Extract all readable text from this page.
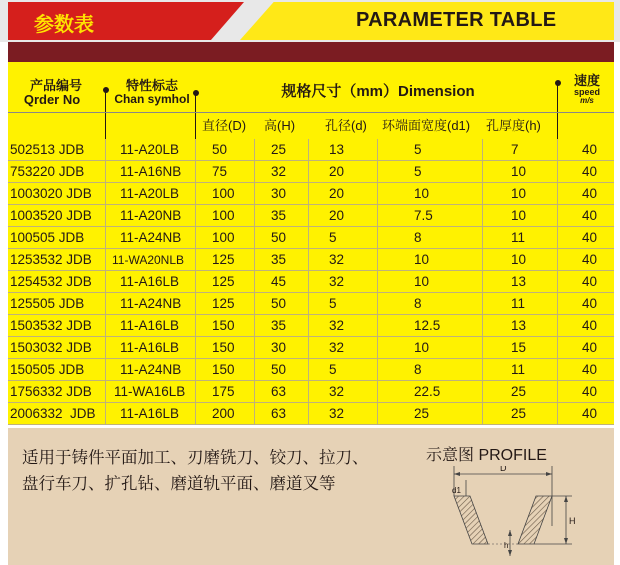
参数表	PARAMETER TABLE
产品编号
Qrder No
特性标志
Chan symhol	规格尺寸（mm）Dimension
速度
speed
m/s
直径(D) 高(H) 孔径(d) 环端面宽度(d1) 孔厚度(h)
502513 JDB	11-A20LB 50	25	13	5	7	40
753220 JDB	11-A16NB 75	32	20	5	10	40
1003020 JDB 11-A20LB 100	30	20	10	10	40
1003520 JDB 11-A20NB 100	35	20	7.5	10	40
100505 JDB	11-A24NB 100	50	5	8	11	40
1253532 JDB 11-WA20NLB 125	35	32	10	10	40
1254532 JDB 11-A16LB 125	45	32	10	13	40
125505 JDB	11-A24NB 125	50	5	8	11	40
1503532 JDB 11-A16LB 150	35	32	12.5	13	40
1503032 JDB 11-A16LB 150	30	32	10	15	40
150505 JDB	11-A24NB 150	50	5	8	11	40
1756332 JDB 11-WA16LB 175	63	32	22.5	25	40
2006332  JDB 11-A16LB 200	63	32	25	25	40
适用于铸件平面加工、刃磨铣刀、铰刀、拉刀、
盘行车刀、扩孔钻、磨道轨平面、磨道叉等
示意图 PROFILE
D
d1
H
h
